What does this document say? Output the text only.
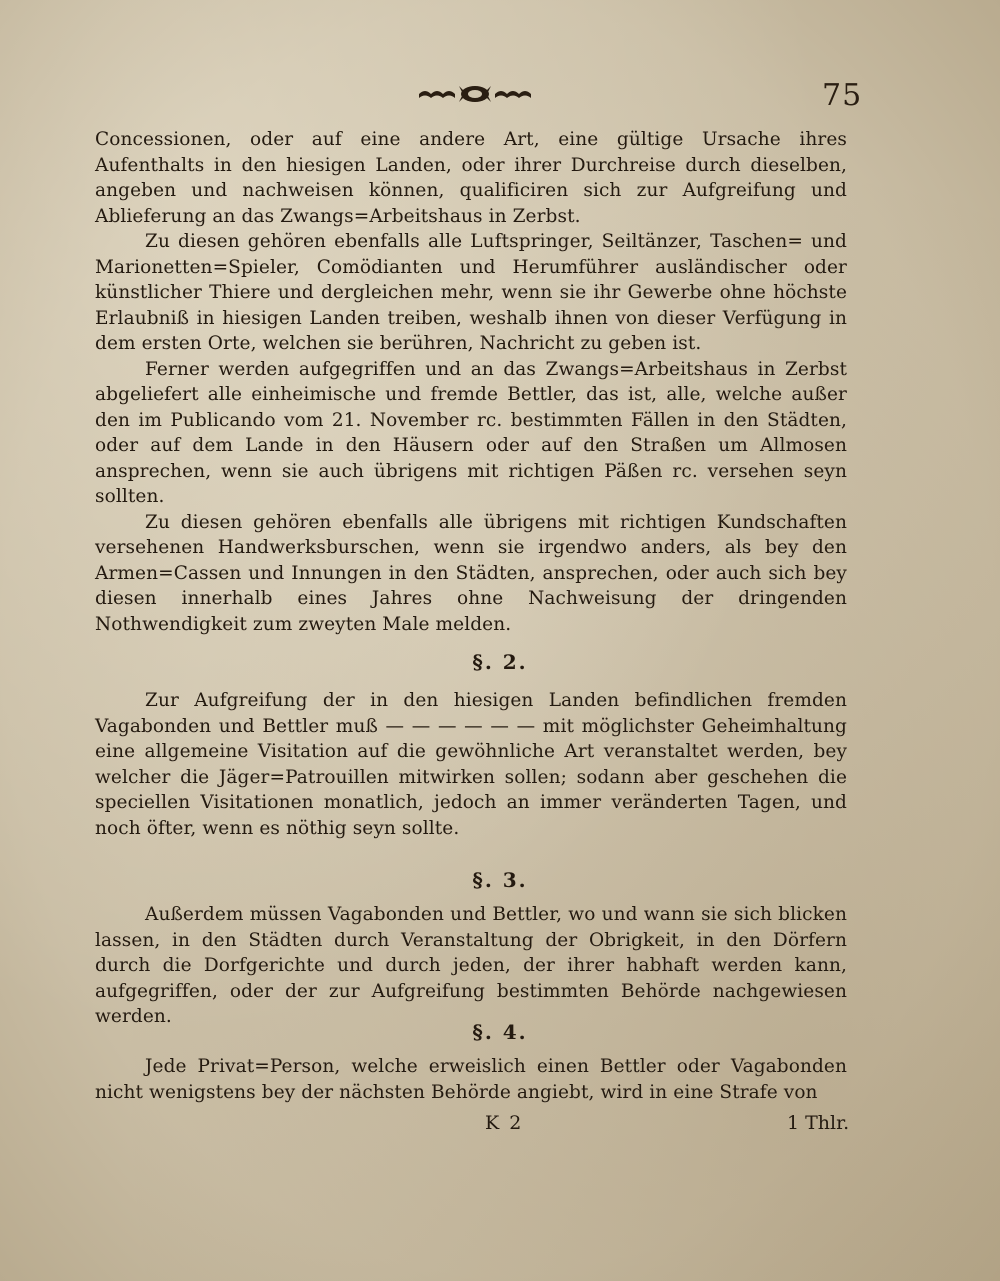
75

Concessionen, oder auf eine andere Art, eine gültige Ursache ihres Aufenthalts in den hiesigen Landen, oder ihrer Durchreise durch dieselben, angeben und nachweisen können, qualificiren sich zur Aufgreifung und Ablieferung an das Zwangs=Arbeitshaus in Zerbst.

Zu diesen gehören ebenfalls alle Luftspringer, Seiltänzer, Taschen= und Marionetten=Spieler, Comödianten und Herumführer ausländischer oder künstlicher Thiere und dergleichen mehr, wenn sie ihr Gewerbe ohne höchste Erlaubniß in hiesigen Landen treiben, weshalb ihnen von dieser Verfügung in dem ersten Orte, welchen sie berühren, Nachricht zu geben ist.

Ferner werden aufgegriffen und an das Zwangs=Arbeitshaus in Zerbst abgeliefert alle einheimische und fremde Bettler, das ist, alle, welche außer den im Publicando vom 21. November rc. bestimmten Fällen in den Städten, oder auf dem Lande in den Häusern oder auf den Straßen um Allmosen ansprechen, wenn sie auch übrigens mit richtigen Päßen rc. versehen seyn sollten.

Zu diesen gehören ebenfalls alle übrigens mit richtigen Kundschaften versehenen Handwerksburschen, wenn sie irgendwo anders, als bey den Armen=Cassen und Innungen in den Städten, ansprechen, oder auch sich bey diesen innerhalb eines Jahres ohne Nachweisung der dringenden Nothwendigkeit zum zweyten Male melden.

§. 2.

Zur Aufgreifung der in den hiesigen Landen befindlichen fremden Vagabonden und Bettler muß — — — — — — mit möglichster Geheimhaltung eine allgemeine Visitation auf die gewöhnliche Art veranstaltet werden, bey welcher die Jäger=Patrouillen mitwirken sollen; sodann aber geschehen die speciellen Visitationen monatlich, jedoch an immer veränderten Tagen, und noch öfter, wenn es nöthig seyn sollte.

§. 3.

Außerdem müssen Vagabonden und Bettler, wo und wann sie sich blicken lassen, in den Städten durch Veranstaltung der Obrigkeit, in den Dörfern durch die Dorfgerichte und durch jeden, der ihrer habhaft werden kann, aufgegriffen, oder der zur Aufgreifung bestimmten Behörde nachgewiesen werden.

§. 4.

Jede Privat=Person, welche erweislich einen Bettler oder Vagabonden nicht wenigstens bey der nächsten Behörde angiebt, wird in eine Strafe von

K 2	1 Thlr.
